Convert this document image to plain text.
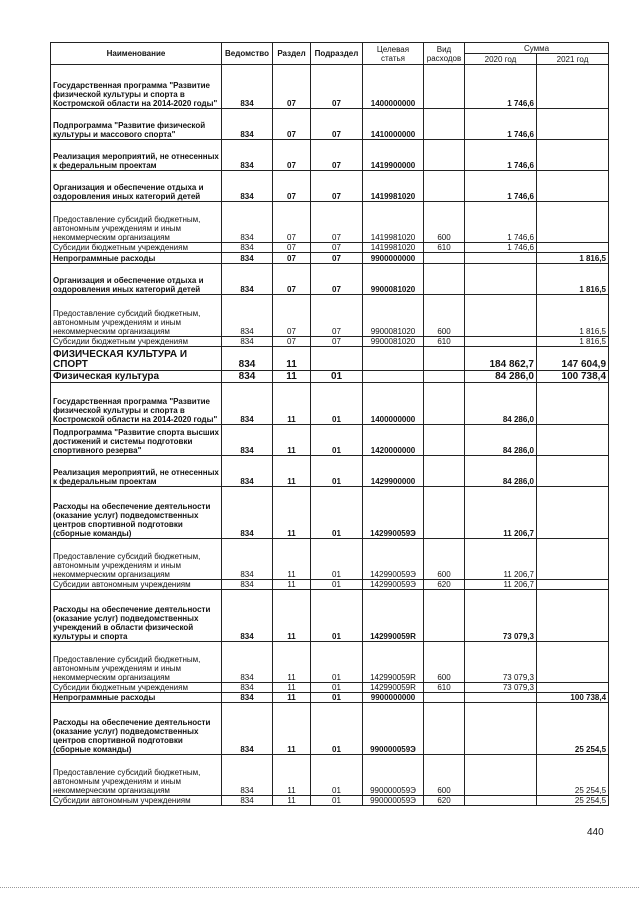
Наименование	Ведомство	Раздел	Подраздел	Целевая статья	Вид расходов	Сумма	
						2020 год	2021 год
Государственная программа "Развитие физической культуры и спорта в Костромской области на 2014-2020 годы"	834	07	07	1400000000		1 746,6	
Подпрограмма "Развитие физической культуры и массового спорта"	834	07	07	1410000000		1 746,6	
Реализация мероприятий, не отнесенных к федеральным проектам	834	07	07	1419900000		1 746,6	
Организация и обеспечение отдыха и оздоровления иных категорий детей	834	07	07	1419981020		1 746,6	
Предоставление субсидий бюджетным, автономным учреждениям и иным некоммерческим организациям	834	07	07	1419981020	600	1 746,6	
Субсидии бюджетным учреждениям	834	07	07	1419981020	610	1 746,6	
Непрограммные расходы	834	07	07	9900000000			1 816,5
Организация и обеспечение отдыха и оздоровления иных категорий детей	834	07	07	9900081020			1 816,5
Предоставление субсидий бюджетным, автономным учреждениям и иным некоммерческим организациям	834	07	07	9900081020	600		1 816,5
Субсидии бюджетным учреждениям	834	07	07	9900081020	610		1 816,5
ФИЗИЧЕСКАЯ КУЛЬТУРА И СПОРТ	834	11				184 862,7	147 604,9
Физическая культура	834	11	01			84 286,0	100 738,4
Государственная программа "Развитие физической культуры и спорта в Костромской области на 2014-2020 годы"	834	11	01	1400000000		84 286,0	
Подпрограмма "Развитие спорта высших достижений и системы подготовки спортивного резерва"	834	11	01	1420000000		84 286,0	
Реализация мероприятий, не отнесенных к федеральным проектам	834	11	01	1429900000		84 286,0	
Расходы на обеспечение деятельности (оказание услуг) подведомственных центров спортивной подготовки (сборные команды)	834	11	01	142990059Э		11 206,7	
Предоставление субсидий бюджетным, автономным учреждениям и иным некоммерческим организациям	834	11	01	142990059Э	600	11 206,7	
Субсидии автономным учреждениям	834	11	01	142990059Э	620	11 206,7	
Расходы на обеспечение деятельности (оказание услуг) подведомственных учреждений в области физической культуры и спорта	834	11	01	142990059R		73 079,3	
Предоставление субсидий бюджетным, автономным учреждениям и иным некоммерческим организациям	834	11	01	142990059R	600	73 079,3	
Субсидии бюджетным учреждениям	834	11	01	142990059R	610	73 079,3	
Непрограммные расходы	834	11	01	9900000000			100 738,4
Расходы на обеспечение деятельности (оказание услуг) подведомственных центров спортивной подготовки (сборные команды)	834	11	01	990000059Э			25 254,5
Предоставление субсидий бюджетным, автономным учреждениям и иным некоммерческим организациям	834	11	01	990000059Э	600		25 254,5
Субсидии автономным учреждениям	834	11	01	990000059Э	620		25 254,5
440
